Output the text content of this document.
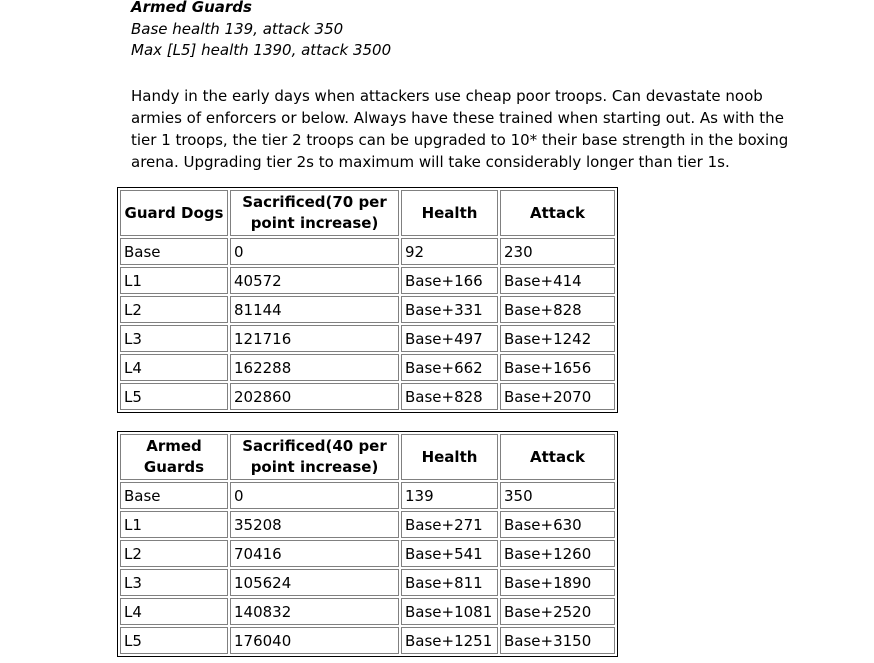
Armed Guards
Base health 139, attack 350
Max [L5] health 1390, attack 3500
Handy in the early days when attackers use cheap poor troops. Can devastate noob
armies of enforcers or below. Always have these trained when starting out. As with the
tier 1 troops, the tier 2 troops can be upgraded to 10* their base strength in the boxing
arena. Upgrading tier 2s to maximum will take considerably longer than tier 1s.
Guard Dogs	Sacrificed(70 per point increase)	Health	Attack
Base	0	92	230
L1	40572	Base+166	Base+414
L2	81144	Base+331	Base+828
L3	121716	Base+497	Base+1242
L4	162288	Base+662	Base+1656
L5	202860	Base+828	Base+2070
Armed Guards	Sacrificed(40 per point increase)	Health	Attack
Base	0	139	350
L1	35208	Base+271	Base+630
L2	70416	Base+541	Base+1260
L3	105624	Base+811	Base+1890
L4	140832	Base+1081	Base+2520
L5	176040	Base+1251	Base+3150
